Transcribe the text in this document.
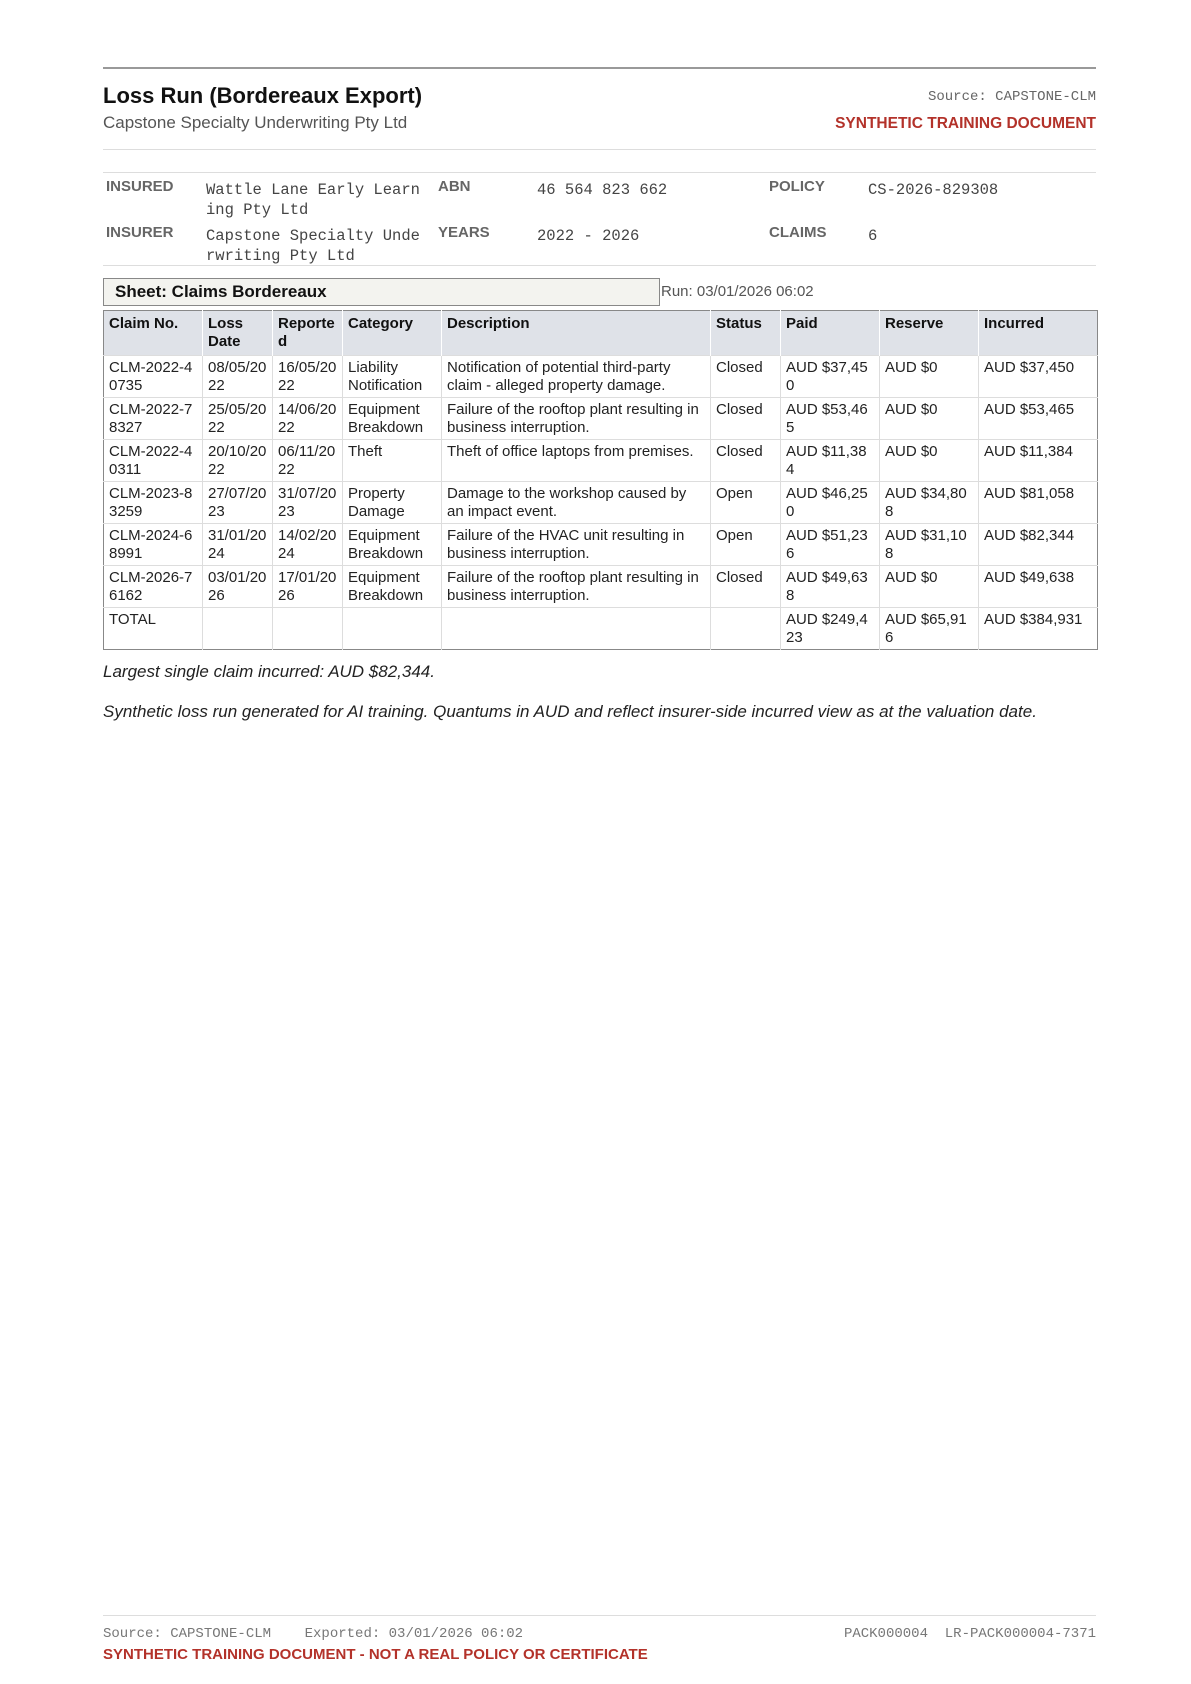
Loss Run (Bordereaux Export)
Capstone Specialty Underwriting Pty Ltd
Source: CAPSTONE-CLM
SYNTHETIC TRAINING DOCUMENT
INSURED Wattle Lane Early Learning Pty Ltd
INSURER Capstone Specialty Underwriting Pty Ltd
ABN	46 564 823 662
YEARS	2022 - 2026
POLICY	CS-2026-829308
CLAIMS	6
Sheet: Claims Bordereaux	Run: 03/01/2026 06:02
Claim No.	Loss Date	Reported	Category	Description	Status	Paid	Reserve	Incurred
CLM-2022-40735	08/05/2022	16/05/2022	Liability Notification	Notification of potential third-party claim - alleged property damage.	Closed	AUD $37,450	AUD $0	AUD $37,450
CLM-2022-78327	25/05/2022	14/06/2022	Equipment Breakdown	Failure of the rooftop plant resulting in business interruption.	Closed	AUD $53,465	AUD $0	AUD $53,465
CLM-2022-40311	20/10/2022	06/11/2022	Theft	Theft of office laptops from premises.	Closed	AUD $11,384	AUD $0	AUD $11,384
CLM-2023-83259	27/07/2023	31/07/2023	Property Damage	Damage to the workshop caused by an impact event.	Open	AUD $46,250	AUD $34,808	AUD $81,058
CLM-2024-68991	31/01/2024	14/02/2024	Equipment Breakdown	Failure of the HVAC unit resulting in business interruption.	Open	AUD $51,236	AUD $31,108	AUD $82,344
CLM-2026-76162	03/01/2026	17/01/2026	Equipment Breakdown	Failure of the rooftop plant resulting in business interruption.	Closed	AUD $49,638	AUD $0	AUD $49,638
TOTAL						AUD $249,423	AUD $65,916	AUD $384,931
Largest single claim incurred: AUD $82,344.
Synthetic loss run generated for AI training. Quantums in AUD and reflect insurer-side incurred view as at the valuation date.
Source: CAPSTONE-CLM    Exported: 03/01/2026 06:02	PACK000004  LR-PACK000004-7371
SYNTHETIC TRAINING DOCUMENT - NOT A REAL POLICY OR CERTIFICATE
